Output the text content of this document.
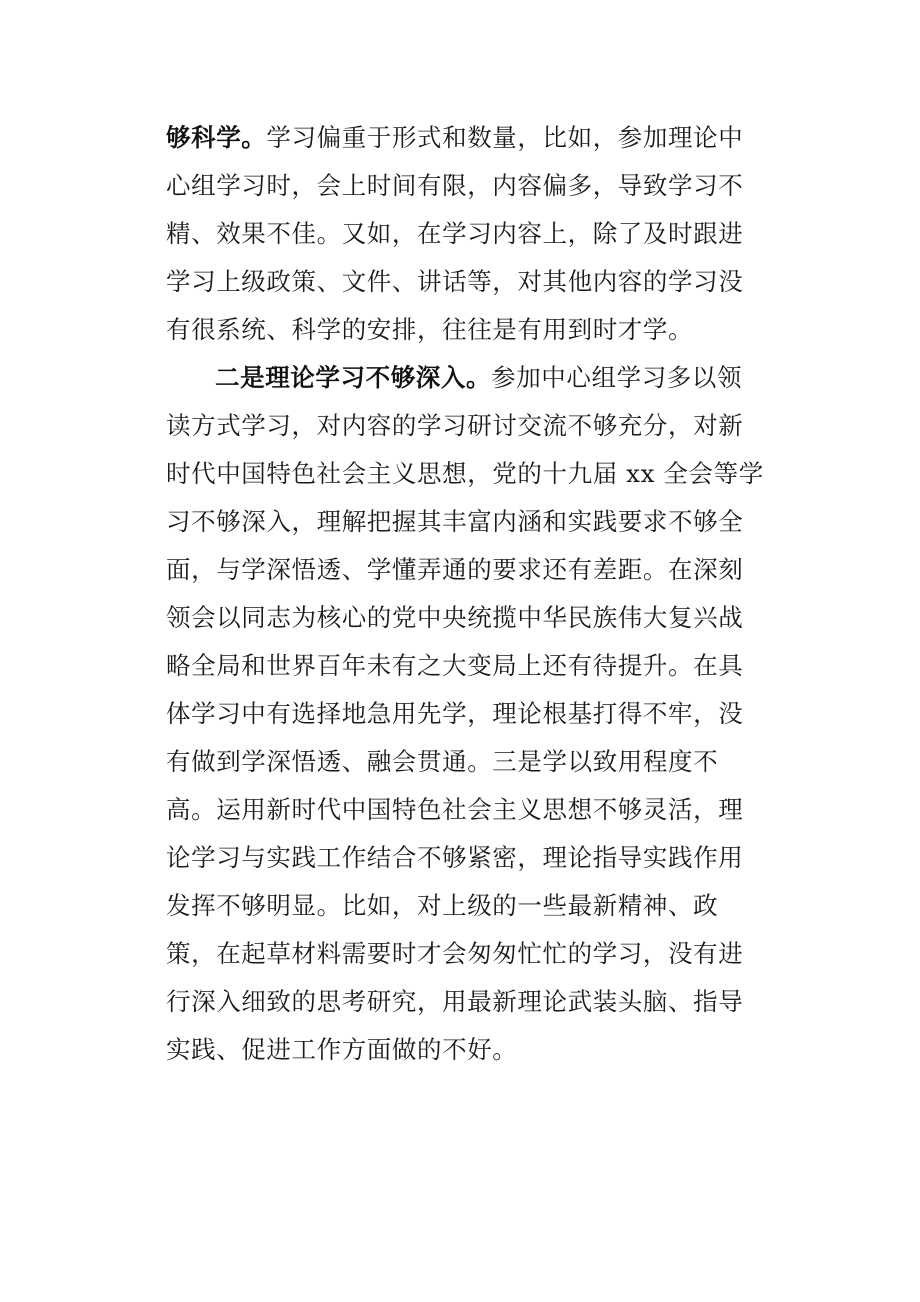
够科学。学习偏重于形式和数量，比如，参加理论中
心组学习时，会上时间有限，内容偏多，导致学习不
精、效果不佳。又如，在学习内容上，除了及时跟进
学习上级政策、文件、讲话等，对其他内容的学习没
有很系统、科学的安排，往往是有用到时才学。
二是理论学习不够深入。参加中心组学习多以领
读方式学习，对内容的学习研讨交流不够充分，对新
时代中国特色社会主义思想，党的十九届 xx 全会等学
习不够深入，理解把握其丰富内涵和实践要求不够全
面，与学深悟透、学懂弄通的要求还有差距。在深刻
领会以同志为核心的党中央统揽中华民族伟大复兴战
略全局和世界百年未有之大变局上还有待提升。在具
体学习中有选择地急用先学，理论根基打得不牢，没
有做到学深悟透、融会贯通。三是学以致用程度不
高。运用新时代中国特色社会主义思想不够灵活，理
论学习与实践工作结合不够紧密，理论指导实践作用
发挥不够明显。比如，对上级的一些最新精神、政
策，在起草材料需要时才会匆匆忙忙的学习，没有进
行深入细致的思考研究，用最新理论武装头脑、指导
实践、促进工作方面做的不好。
